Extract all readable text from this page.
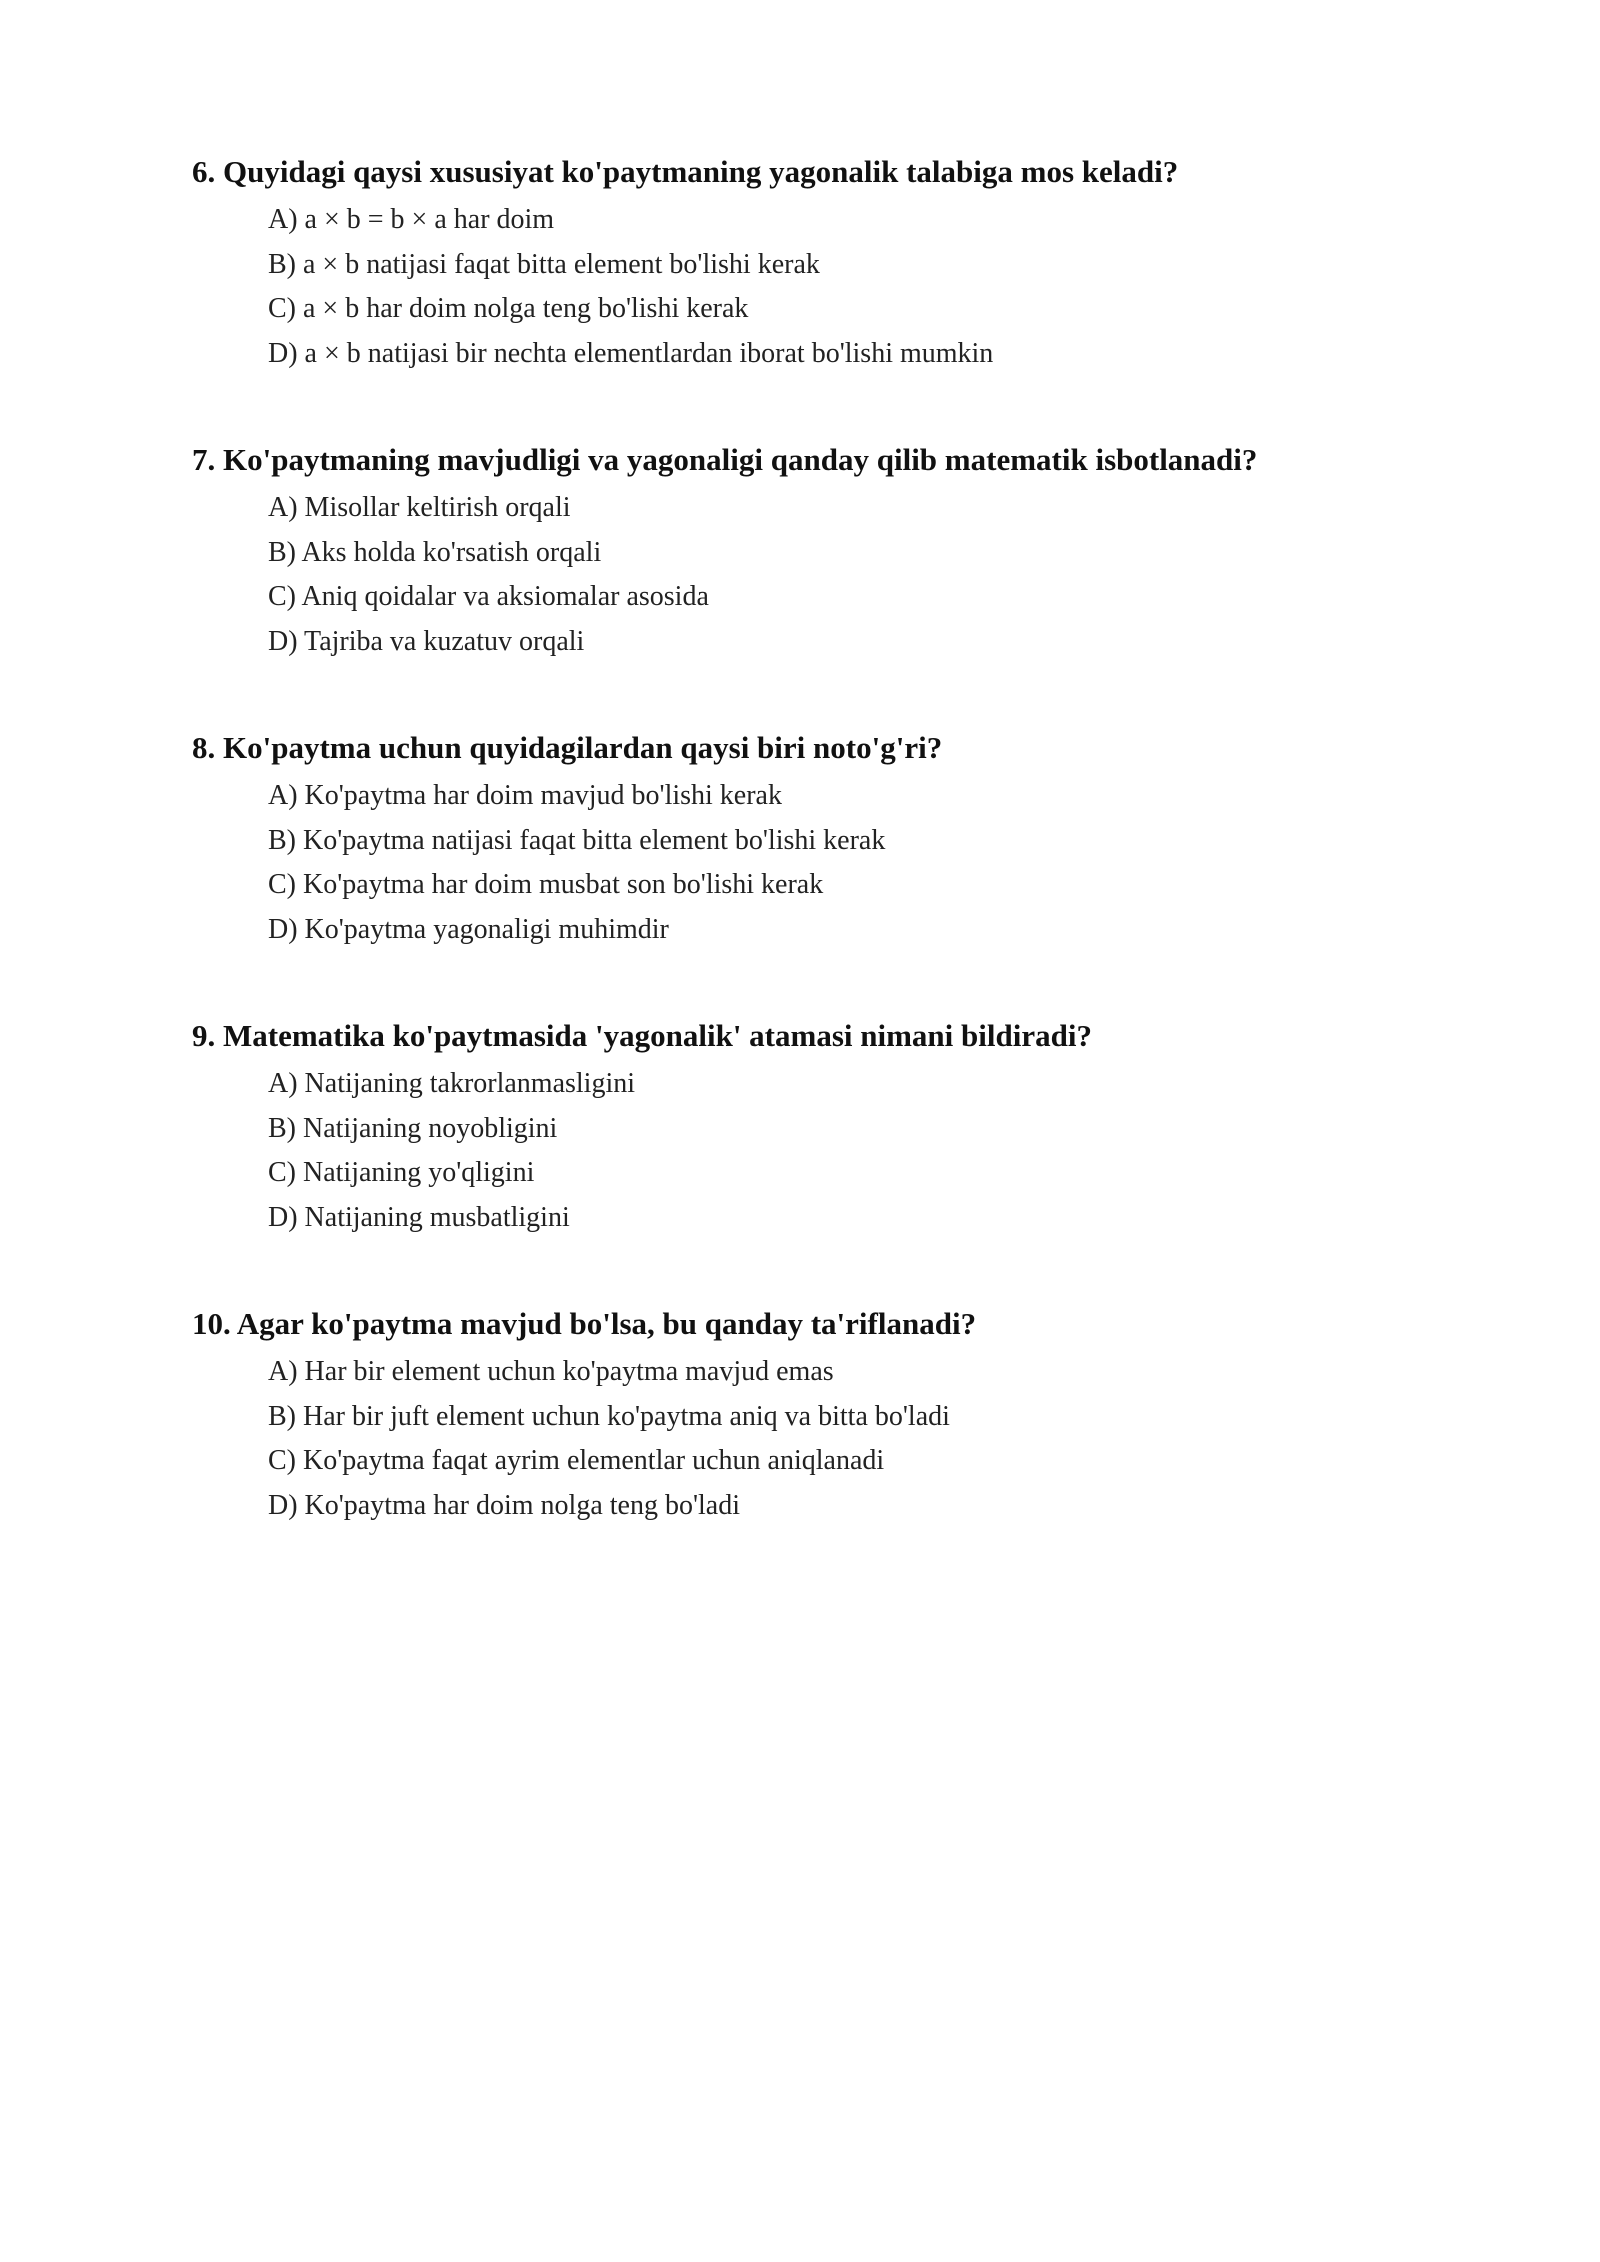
6. Quyidagi qaysi xususiyat ko'paytmaning yagonalik talabiga mos keladi?
A) a × b = b × a har doim
B) a × b natijasi faqat bitta element bo'lishi kerak
C) a × b har doim nolga teng bo'lishi kerak
D) a × b natijasi bir nechta elementlardan iborat bo'lishi mumkin
7. Ko'paytmaning mavjudligi va yagonaligi qanday qilib matematik isbotlanadi?
A) Misollar keltirish orqali
B) Aks holda ko'rsatish orqali
C) Aniq qoidalar va aksiomalar asosida
D) Tajriba va kuzatuv orqali
8. Ko'paytma uchun quyidagilardan qaysi biri noto'g'ri?
A) Ko'paytma har doim mavjud bo'lishi kerak
B) Ko'paytma natijasi faqat bitta element bo'lishi kerak
C) Ko'paytma har doim musbat son bo'lishi kerak
D) Ko'paytma yagonaligi muhimdir
9. Matematika ko'paytmasida 'yagonalik' atamasi nimani bildiradi?
A) Natijaning takrorlanmasligini
B) Natijaning noyobligini
C) Natijaning yo'qligini
D) Natijaning musbatligini
10. Agar ko'paytma mavjud bo'lsa, bu qanday ta'riflanadi?
A) Har bir element uchun ko'paytma mavjud emas
B) Har bir juft element uchun ko'paytma aniq va bitta bo'ladi
C) Ko'paytma faqat ayrim elementlar uchun aniqlanadi
D) Ko'paytma har doim nolga teng bo'ladi
